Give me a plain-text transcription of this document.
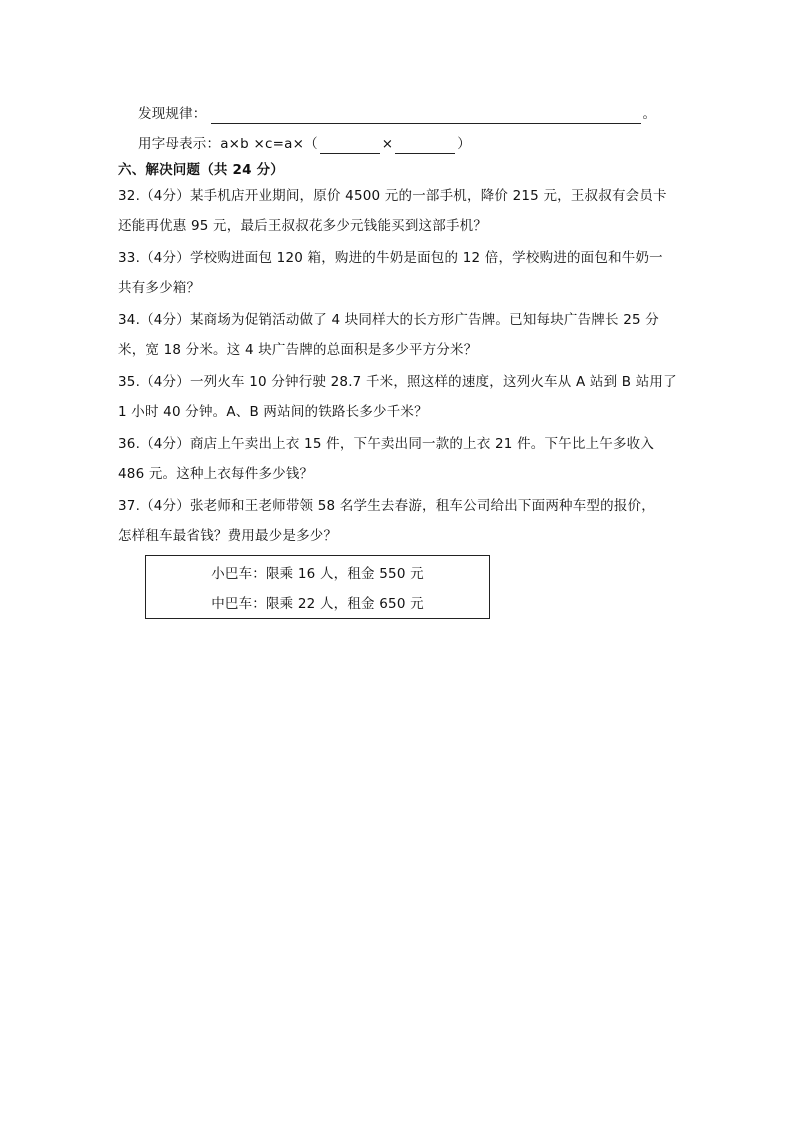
发现规律：	。
用字母表示：a×b ×c=a×（	×	）
六、解决问题（共 24 分）
32.（4分）某手机店开业期间，原价 4500 元的一部手机，降价 215 元，王叔叔有会员卡
还能再优惠 95 元，最后王叔叔花多少元钱能买到这部手机？
33.（4分）学校购进面包 120 箱，购进的牛奶是面包的 12 倍，学校购进的面包和牛奶一
共有多少箱？
34.（4分）某商场为促销活动做了 4 块同样大的长方形广告牌。已知每块广告牌长 25 分
米，宽 18 分米。这 4 块广告牌的总面积是多少平方分米？
35.（4分）一列火车 10 分钟行驶 28.7 千米，照这样的速度，这列火车从 A 站到 B 站用了
1 小时 40 分钟。A、B 两站间的铁路长多少千米？
36.（4分）商店上午卖出上衣 15 件，下午卖出同一款的上衣 21 件。下午比上午多收入
486 元。这种上衣每件多少钱？
37.（4分）张老师和王老师带领 58 名学生去春游，租车公司给出下面两种车型的报价，
怎样租车最省钱？费用最少是多少？
小巴车：限乘 16 人，租金 550 元
中巴车：限乘 22 人，租金 650 元
